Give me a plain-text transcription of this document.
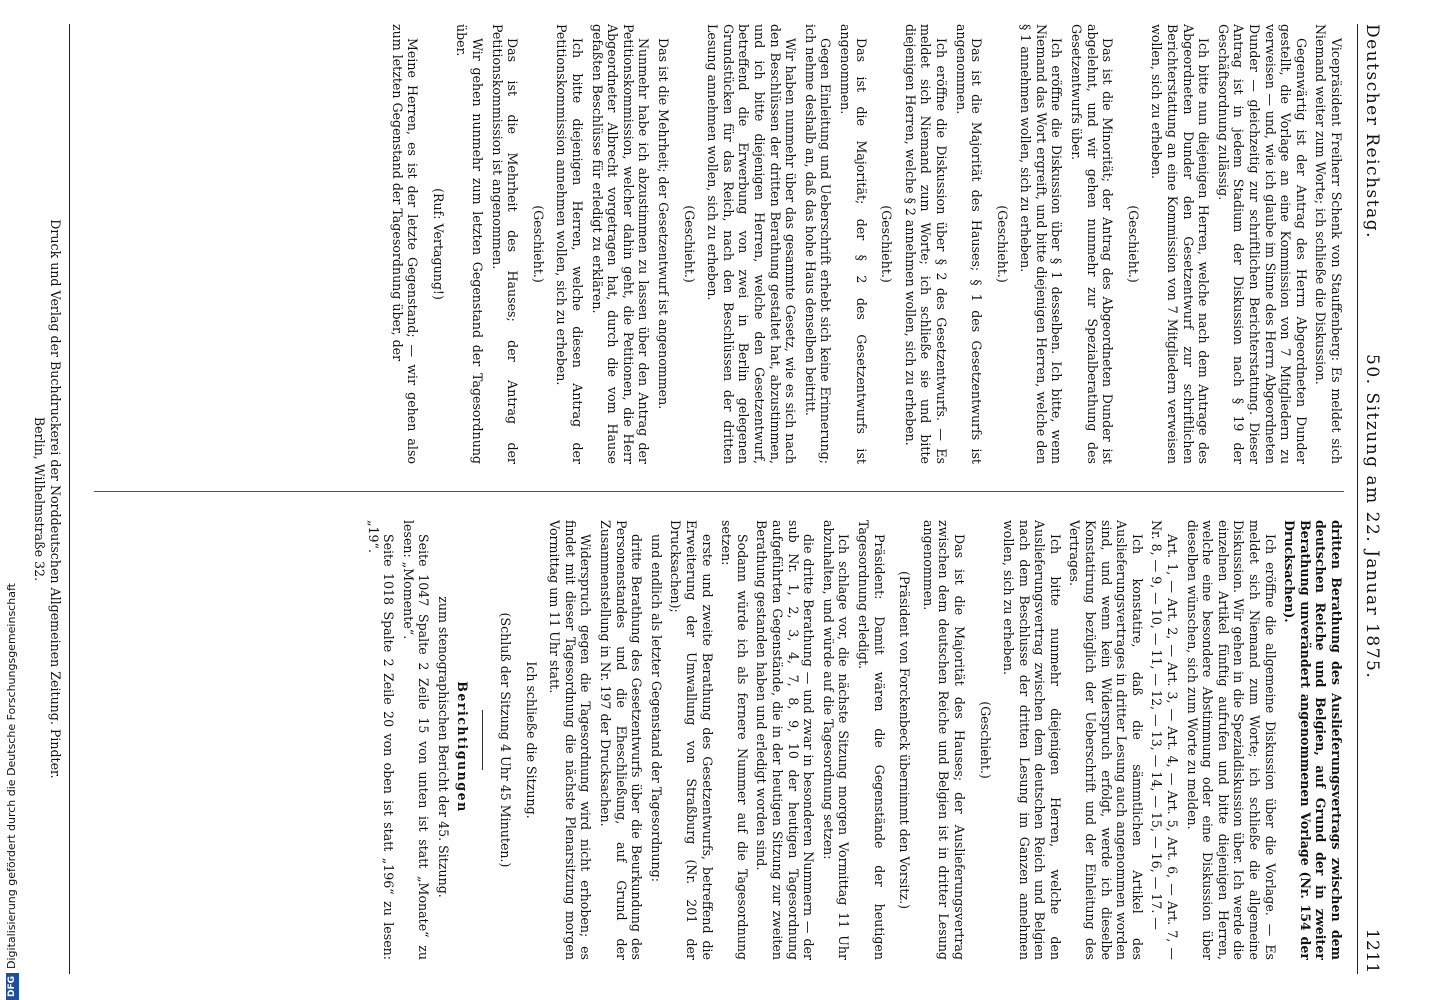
Deutscher Reichstag.
50. Sitzung am 22. Januar 1875.
1211

Vicepräsident Freiherr Schenk von Stauffenberg: Es meldet sich Niemand weiter zum Worte; ich schließe die Diskussion.

Gegenwärtig ist der Antrag des Herrn Abgeordneten Dunder gestellt, die Vorlage an eine Kommission von 7 Mitgliedern zu verweisen — und, wie ich glaube im Sinne des Herrn Abgeordneten Dunder — gleichzeitig zur schriftlichen Berichterstattung. Dieser Antrag ist in jedem Stadium der Diskussion nach § 19 der Geschäftsordnung zulässig.

Ich bitte nun diejenigen Herren, welche nach dem Antrage des Abgeordneten Dunder den Gesetzentwurf zur schriftlichen Berichterstattung an eine Kommission von 7 Mitgliedern verweisen wollen, sich zu erheben.

(Geschieht.)

Das ist die Minorität; der Antrag des Abgeordneten Dunder ist abgelehnt, und wir gehen nunmehr zur Spezialberathung des Gesetzentwurfs über.

Ich eröffne die Diskussion über § 1 desselben. Ich bitte, wenn Niemand das Wort ergreift, und bitte diejenigen Herren, welche den § 1 annehmen wollen, sich zu erheben.

(Geschieht.)

Das ist die Majorität des Hauses; § 1 des Gesetzentwurfs ist angenommen.

Ich eröffne die Diskussion über § 2 des Gesetzentwurfs. — Es meldet sich Niemand zum Worte; ich schließe sie und bitte diejenigen Herren, welche § 2 annehmen wollen, sich zu erheben.

(Geschieht.)

Das ist die Majorität; der § 2 des Gesetzentwurfs ist angenommen.

Gegen Einleitung und Ueberschrift erhebt sich keine Erinnerung; ich nehme deshalb an, daß das hohe Haus denselben beitritt.

Wir haben nunmehr über das gesammte Gesetz, wie es sich nach den Beschlüssen der dritten Berathung gestaltet hat, abzustimmen, und ich bitte diejenigen Herren, welche den Gesetzentwurf, betreffend die Erwerbung von zwei in Berlin gelegenen Grundstücken für das Reich, nach den Beschlüssen der dritten Lesung annehmen wollen, sich zu erheben.

(Geschieht.)

Das ist die Mehrheit; der Gesetzentwurf ist angenommen.

Nunmehr habe ich abzustimmen zu lassen über den Antrag der Petitionskommission, welcher dahin geht, die Petitionen, die Herr Abgeordneter Albrecht vorgetragen hat, durch die vom Hause gefaßten Beschlüsse für erledigt zu erklären.

Ich bitte diejenigen Herren, welche diesen Antrag der Petitionskommission annehmen wollen, sich zu erheben.

(Geschieht.)

Das ist die Mehrheit des Hauses; der Antrag der Petitionskommission ist angenommen.

Wir gehen nunmehr zum letzten Gegenstand der Tagesordnung über.

(Ruf: Vertagung!)

Meine Herren, es ist der letzte Gegenstand; — wir gehen also zum letzten Gegenstand der Tagesordnung über, der

dritten Berathung des Auslieferungsvertrags zwischen dem deutschen Reiche und Belgien, auf Grund der in zweiter Berathung unverändert angenommenen Vorlage (Nr. 154 der Drucksachen).

Ich eröffne die allgemeine Diskussion über die Vorlage. — Es meldet sich Niemand zum Worte; ich schließe die allgemeine Diskussion. Wir gehen in die Spezialdiskussion über. Ich werde die einzelnen Artikel fünftig aufrufen und bitte diejenigen Herren, welche eine besondere Abstimmung oder eine Diskussion über dieselben wünschen, sich zum Worte zu melden.

Art. 1, — Art. 2, — Art. 3, — Art. 4, — Art. 5, Art. 6, — Art. 7, — Nr. 8, — 9, — 10, — 11, — 12, — 13, — 14, — 15, — 16, — 17. —

Ich konstatire, daß die sämmtlichen Artikel des Auslieferungsvertrages in dritter Lesung auch angenommen worden sind, und wenn kein Widerspruch erfolgt, werde ich dieselbe Konstatirung bezüglich der Ueberschrift und der Einleitung des Vertrages.

Ich bitte nunmehr diejenigen Herren, welche den Auslieferungsvertrag zwischen dem deutschen Reich und Belgien nach dem Beschlusse der dritten Lesung im Ganzen annehmen wollen, sich zu erheben.

(Geschieht.)

Das ist die Majorität des Hauses; der Auslieferungsvertrag zwischen dem deutschen Reiche und Belgien ist in dritter Lesung angenommen.

(Präsident von Forckenbeck übernimmt den Vorsitz.)

Präsident: Damit wären die Gegenstände der heutigen Tagesordnung erledigt.

Ich schlage vor, die nächste Sitzung morgen Vormittag 11 Uhr abzuhalten, und würde auf die Tagesordnung setzen:

die dritte Berathung — und zwar in besonderen Nummern — der sub Nr. 1, 2, 3, 4, 7, 8, 9, 10 der heutigen Tagesordnung aufgeführten Gegenstände, die in der heutigen Sitzung zur zweiten Berathung gestanden haben und erledigt worden sind.

Sodann würde ich als fernere Nummer auf die Tagesordnung setzen:

erste und zweite Berathung des Gesetzentwurfs, betreffend die Erweiterung der Umwallung von Straßburg (Nr. 201 der Drucksachen);

und endlich als letzter Gegenstand der Tagesordnung:

dritte Berathung des Gesetzentwurfs über die Beurkundung des Personenstandes und die Eheschließung, auf Grund der Zusammenstellung in Nr. 197 der Drucksachen.

Widerspruch gegen die Tagesordnung wird nicht erhoben; es findet mit dieser Tagesordnung die nächste Plenarsitzung morgen Vormittag um 11 Uhr statt.

Ich schließe die Sitzung.

(Schluß der Sitzung 4 Uhr 45 Minuten.)

Berichtigungen

zum stenographischen Bericht der 45. Sitzung.

Seite 1047 Spalte 2 Zeile 15 von unten ist statt „Monate“ zu lesen: „Momente“.

Seite 1018 Spalte 2 Zeile 20 von oben ist statt „196“ zu lesen: „19“.

Druck und Verlag der Buchdruckerei der Norddeutschen Allgemeinen Zeitung. Pindter.
Berlin, Wilhelmstraße 32.
DFGDigitalisierung gefördert durch die Deutsche Forschungsgemeinschaft
